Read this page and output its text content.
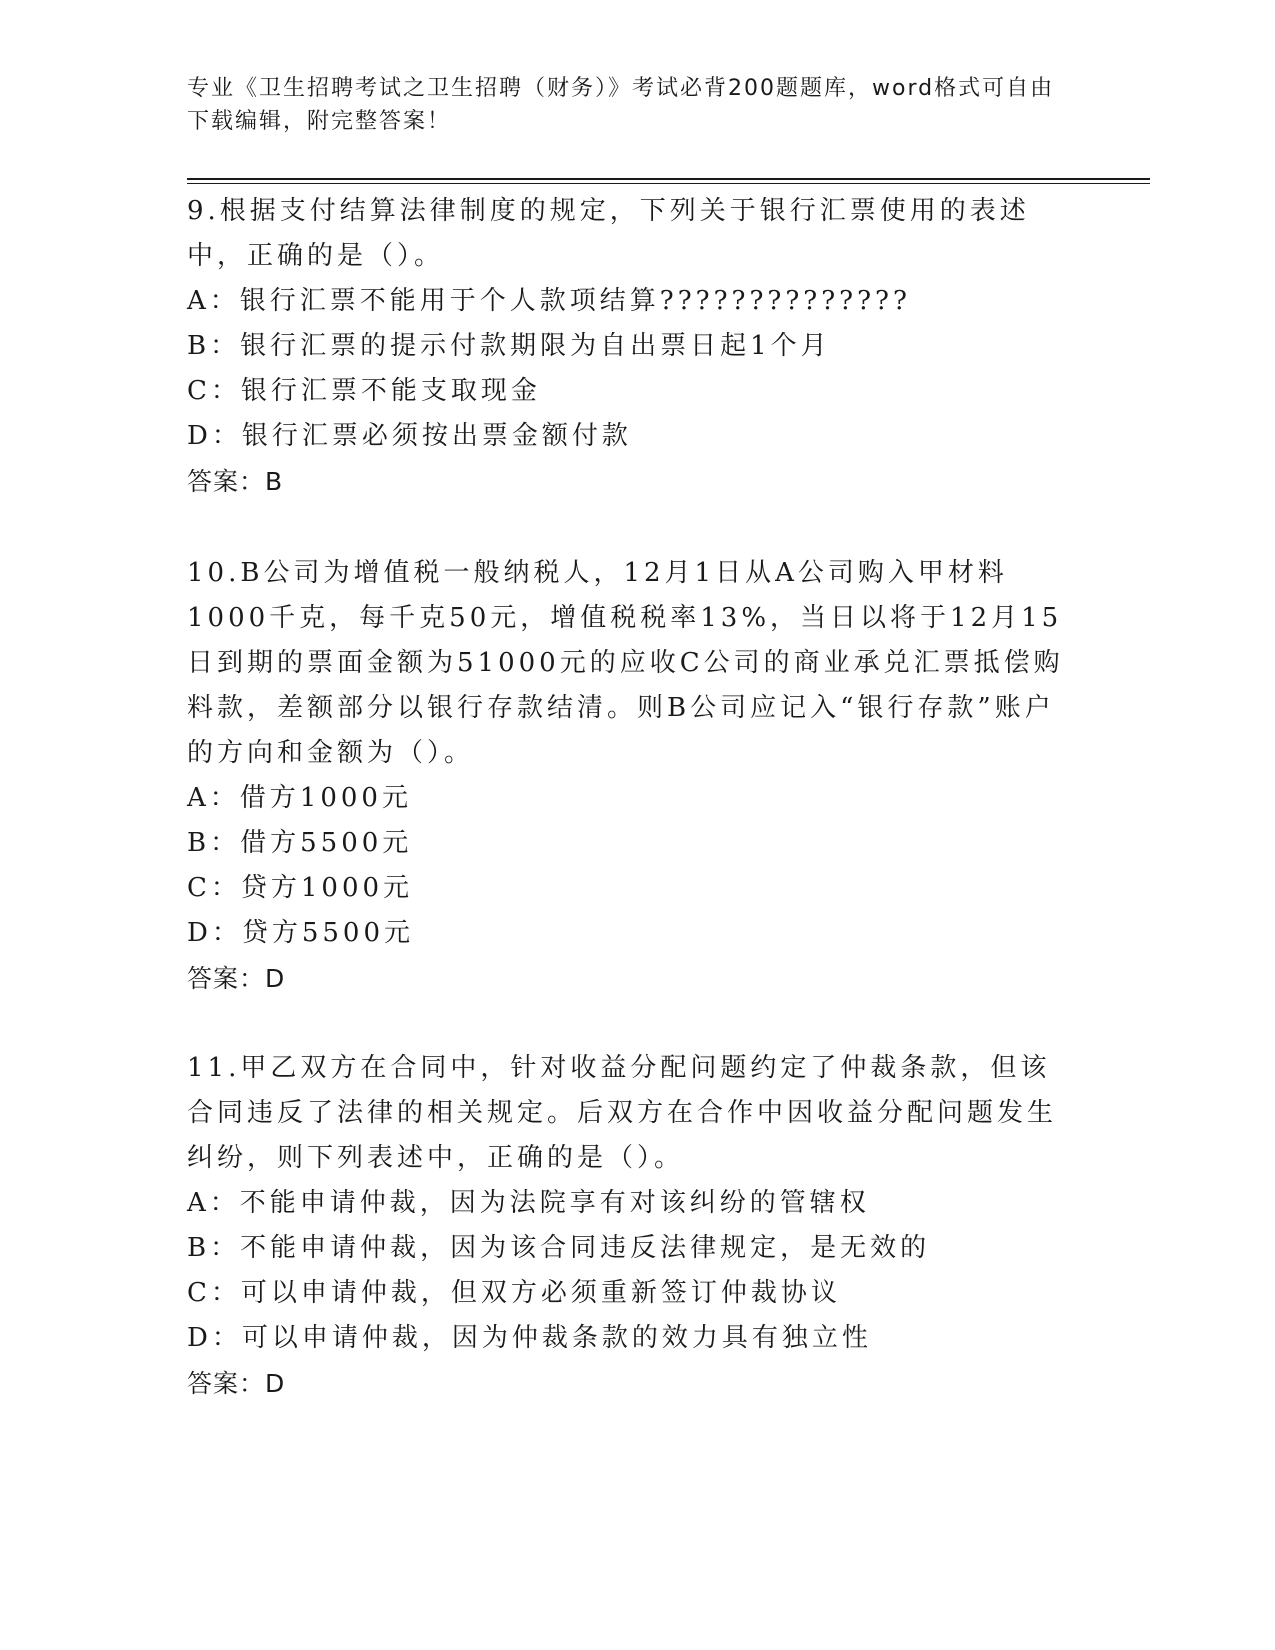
专业《卫生招聘考试之卫生招聘（财务）》考试必背200题题库，word格式可自由下载编辑，附完整答案！
9.根据支付结算法律制度的规定，下列关于银行汇票使用的表述中，正确的是（）。
A：银行汇票不能用于个人款项结算??????????????
B：银行汇票的提示付款期限为自出票日起1个月
C：银行汇票不能支取现金
D：银行汇票必须按出票金额付款
答案：B
10.B公司为增值税一般纳税人，12月1日从A公司购入甲材料1000千克，每千克50元，增值税税率13%，当日以将于12月15日到期的票面金额为51000元的应收C公司的商业承兑汇票抵偿购料款，差额部分以银行存款结清。则B公司应记入“银行存款”账户的方向和金额为（）。
A：借方1000元
B：借方5500元
C：贷方1000元
D：贷方5500元
答案：D
11.甲乙双方在合同中，针对收益分配问题约定了仲裁条款，但该合同违反了法律的相关规定。后双方在合作中因收益分配问题发生纠纷，则下列表述中，正确的是（）。
A：不能申请仲裁，因为法院享有对该纠纷的管辖权
B：不能申请仲裁，因为该合同违反法律规定，是无效的
C：可以申请仲裁，但双方必须重新签订仲裁协议
D：可以申请仲裁，因为仲裁条款的效力具有独立性
答案：D
